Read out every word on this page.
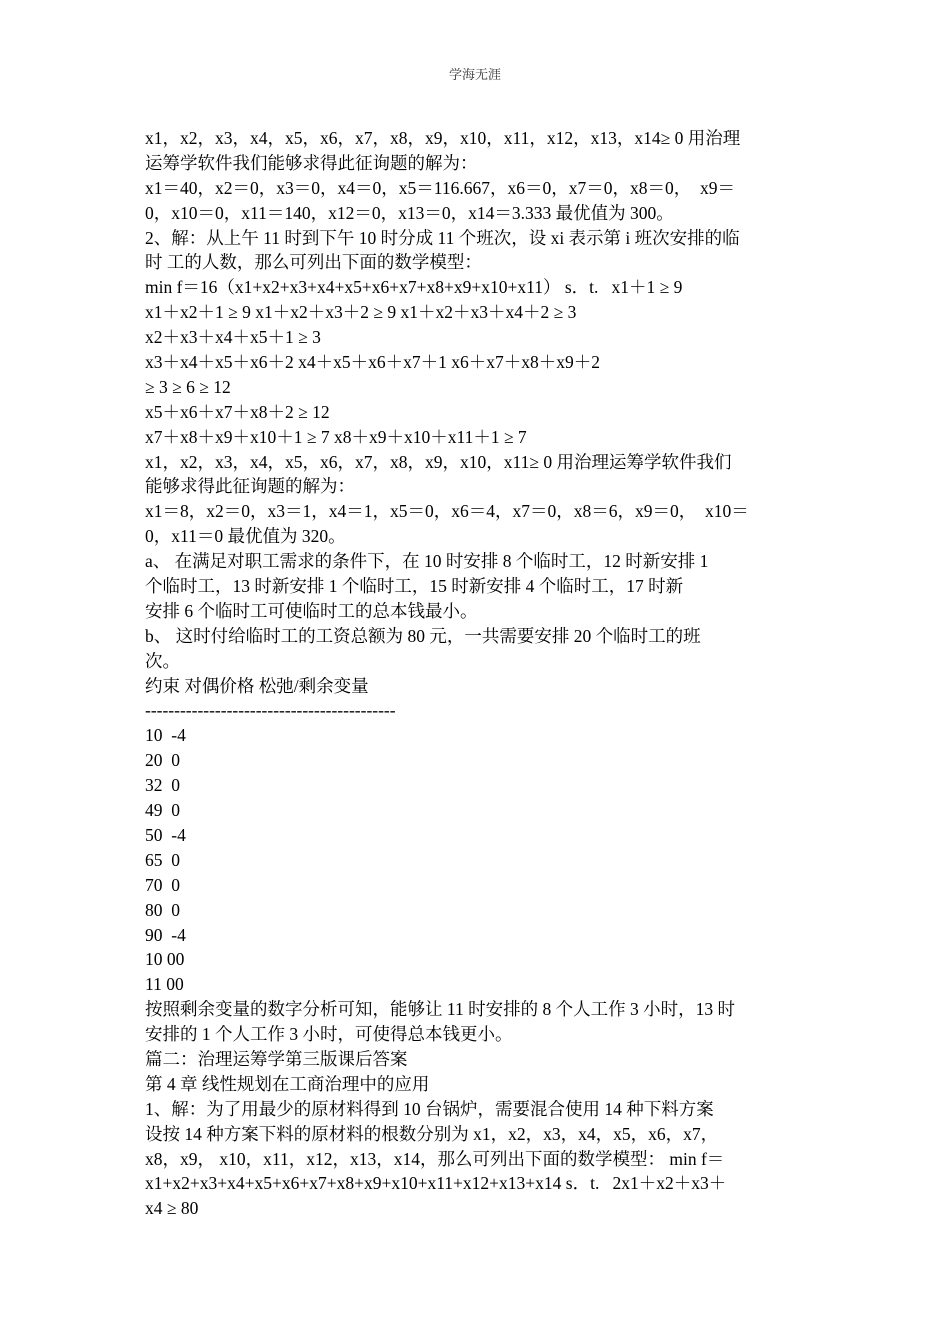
学海无涯
x1，x2，x3，x4，x5，x6，x7，x8，x9，x10，x11，x12，x13，x14≥ 0 用治理
运筹学软件我们能够求得此征询题的解为：
x1＝40，x2＝0，x3＝0，x4＝0，x5＝116.667，x6＝0，x7＝0，x8＝0，  x9＝
0，x10＝0，x11＝140，x12＝0，x13＝0，x14＝3.333 最优值为 300。
2、解：从上午 11 时到下午 10 时分成 11 个班次，设 xi 表示第 i 班次安排的临
时 工的人数，那么可列出下面的数学模型：
min f＝16（x1+x2+x3+x4+x5+x6+x7+x8+x9+x10+x11） s．t.   x1＋1 ≥ 9
x1＋x2＋1 ≥ 9 x1＋x2＋x3＋2 ≥ 9 x1＋x2＋x3＋x4＋2 ≥ 3
x2＋x3＋x4＋x5＋1 ≥ 3
x3＋x4＋x5＋x6＋2 x4＋x5＋x6＋x7＋1 x6＋x7＋x8＋x9＋2
≥ 3 ≥ 6 ≥ 12
x5＋x6＋x7＋x8＋2 ≥ 12
x7＋x8＋x9＋x10＋1 ≥ 7 x8＋x9＋x10＋x11＋1 ≥ 7
x1，x2，x3，x4，x5，x6，x7，x8，x9，x10，x11≥ 0 用治理运筹学软件我们
能够求得此征询题的解为：
x1＝8，x2＝0，x3＝1，x4＝1，x5＝0，x6＝4，x7＝0，x8＝6，x9＝0，  x10＝
0，x11＝0 最优值为 320。
a、 在满足对职工需求的条件下，在 10 时安排 8 个临时工，12 时新安排 1
个临时工，13 时新安排 1 个临时工，15 时新安排 4 个临时工，17 时新
安排 6 个临时工可使临时工的总本钱最小。
b、 这时付给临时工的工资总额为 80 元，一共需要安排 20 个临时工的班
次。
约束 对偶价格 松弛/剩余变量
-------------------------------------------
10  -4
20  0
32  0
49  0
50  -4
65  0
70  0
80  0
90  -4
10 00
11 00
按照剩余变量的数字分析可知，能够让 11 时安排的 8 个人工作 3 小时，13 时
安排的 1 个人工作 3 小时，可使得总本钱更小。
篇二：治理运筹学第三版课后答案
第 4 章 线性规划在工商治理中的应用
1、解：为了用最少的原材料得到 10 台锅炉，需要混合使用 14 种下料方案
设按 14 种方案下料的原材料的根数分别为 x1，x2，x3，x4，x5，x6，x7，
x8，x9， x10，x11，x12，x13，x14，那么可列出下面的数学模型： min f＝
x1+x2+x3+x4+x5+x6+x7+x8+x9+x10+x11+x12+x13+x14 s．t.   2x1＋x2＋x3＋
x4 ≥ 80
